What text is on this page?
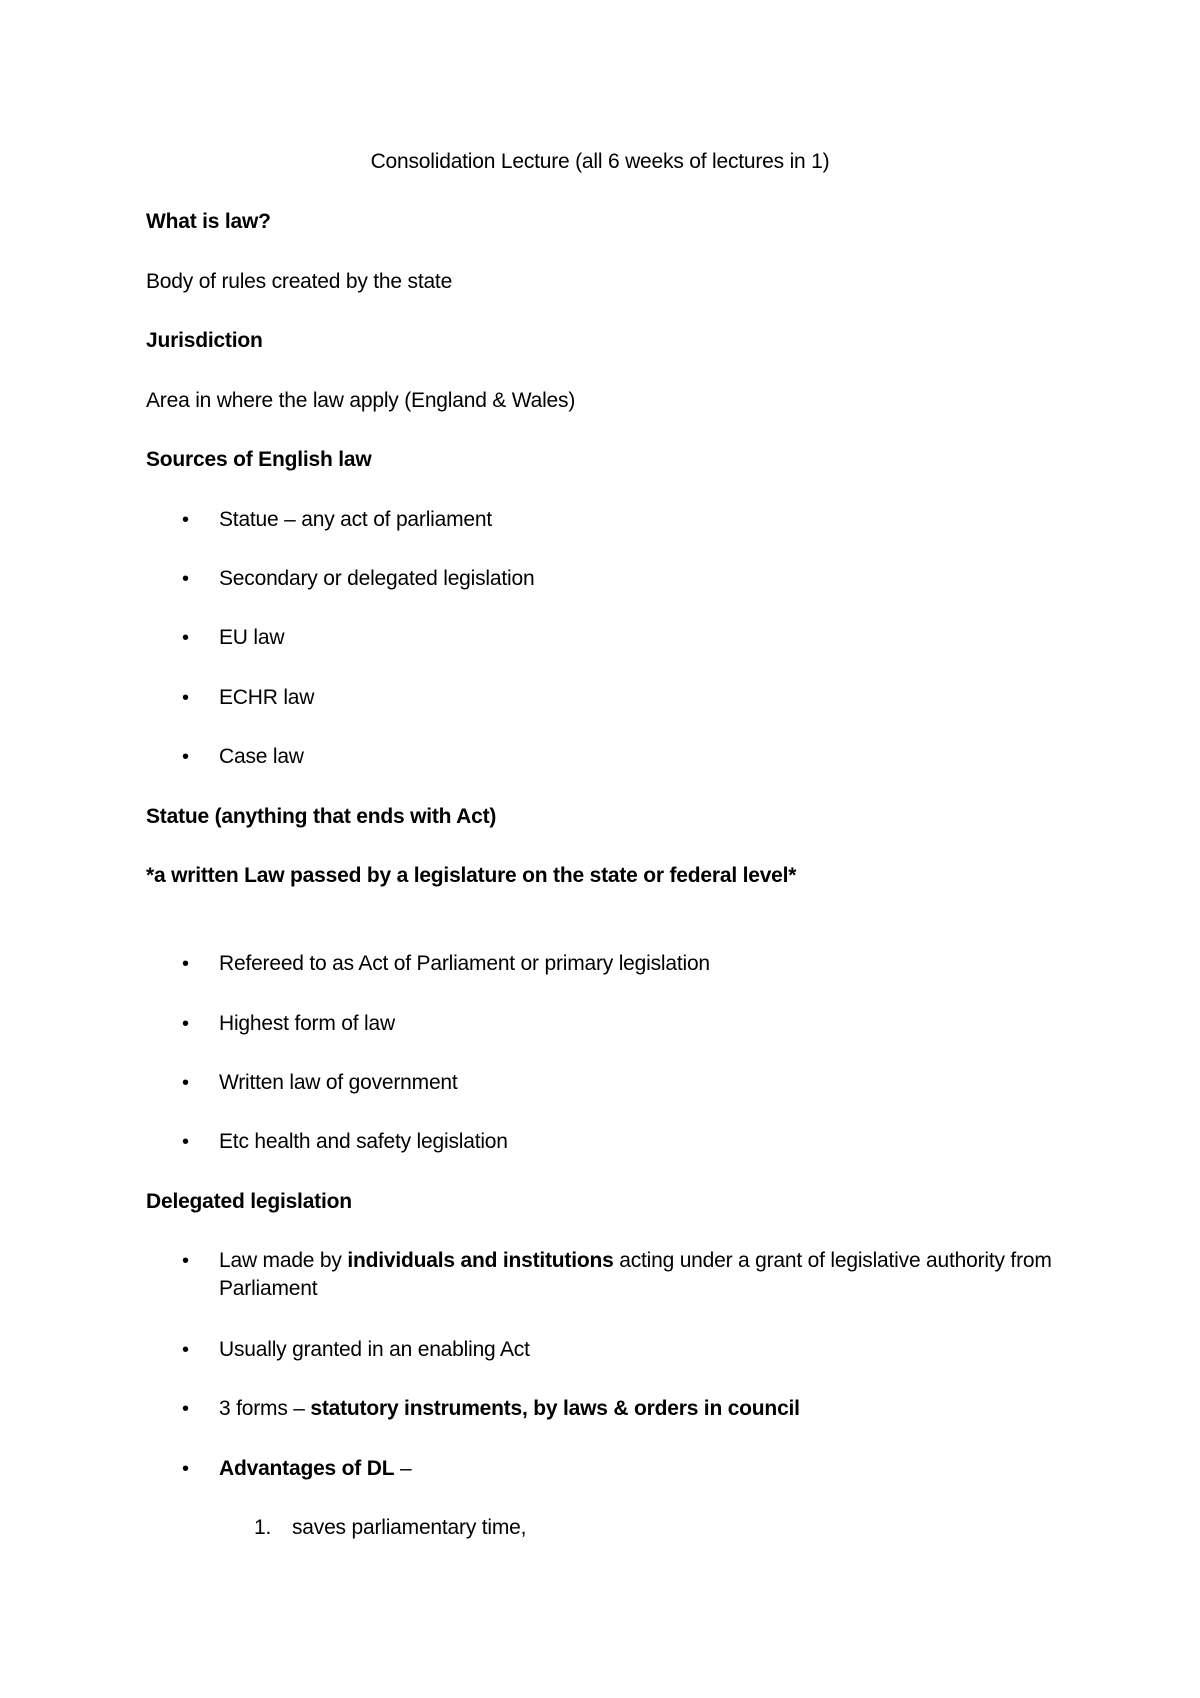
Consolidation Lecture (all 6 weeks of lectures in 1)
What is law?
Body of rules created by the state
Jurisdiction
Area in where the law apply (England & Wales)
Sources of English law
•	Statue – any act of parliament
•	Secondary or delegated legislation
•	EU law
•	ECHR law
•	Case law
Statue (anything that ends with Act)
*a written Law passed by a legislature on the state or federal level*
•	Refereed to as Act of Parliament or primary legislation
•	Highest form of law
•	Written law of government
•	Etc health and safety legislation
Delegated legislation
•	Law made by individuals and institutions acting under a grant of legislative authority from Parliament
•	Usually granted in an enabling Act
•	3 forms – statutory instruments, by laws & orders in council
•	Advantages of DL –
1. saves parliamentary time,
